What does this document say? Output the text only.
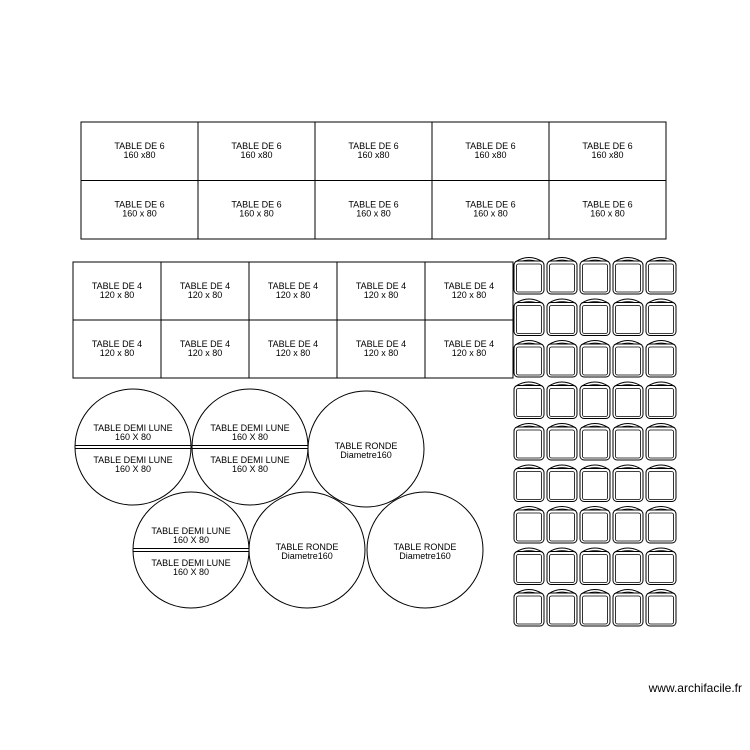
TABLE DE 6
160 x80
TABLE DE 6
160 x80
TABLE DE 6
160 x80
TABLE DE 6
160 x80
TABLE DE 6
160 x80
TABLE DE 6
160 x 80
TABLE DE 6
160 x 80
TABLE DE 6
160 x 80
TABLE DE 6
160 x 80
TABLE DE 6
160 x 80
TABLE DE 4
120 x 80
TABLE DE 4
120 x 80
TABLE DE 4
120 x 80
TABLE DE 4
120 x 80
TABLE DE 4
120 x 80
TABLE DE 4
120 x 80
TABLE DE 4
120 x 80
TABLE DE 4
120 x 80
TABLE DE 4
120 x 80
TABLE DE 4
120 x 80
TABLE DEMI LUNE
160 X 80
TABLE DEMI LUNE
160 X 80
TABLE DEMI LUNE
160 X 80
TABLE DEMI LUNE
160 X 80
TABLE DEMI LUNE
160 X 80
TABLE DEMI LUNE
160 X 80
TABLE RONDE
Diametre160
TABLE RONDE
Diametre160
TABLE RONDE
Diametre160
www.archifacile.fr
